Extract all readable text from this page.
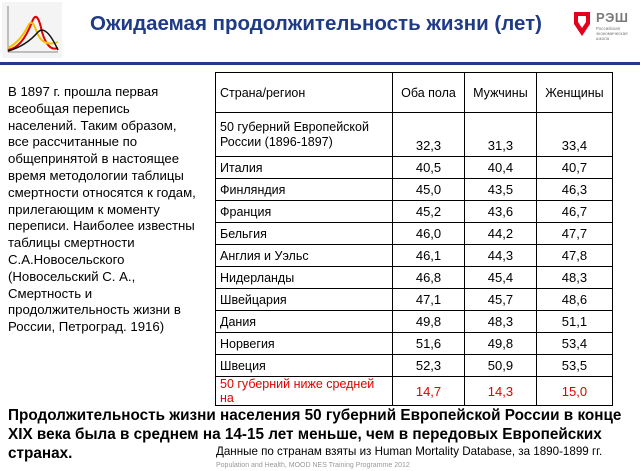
Ожидаемая продолжительность жизни (лет)	РЭШ
Российская экономическая школа

В 1897 г. прошла первая всеобщая перепись населений. Таким образом, все рассчитанные по общепринятой в настоящее время методологии таблицы смертности относятся к годам, прилегающим к моменту переписи. Наиболее известны таблицы смертности С.А.Новосельского (Новосельский С. А., Смертность и продолжительность жизни в России, Петроград. 1916)

Страна/регион	Оба пола	Мужчины	Женщины
50 губерний Европейской России (1896-1897)	32,3	31,3	33,4
Италия	40,5	40,4	40,7
Финляндия	45,0	43,5	46,3
Франция	45,2	43,6	46,7
Бельгия	46,0	44,2	47,7
Англия и Уэльс	46,1	44,3	47,8
Нидерланды	46,8	45,4	48,3
Швейцария	47,1	45,7	48,6
Дания	49,8	48,3	51,1
Норвегия	51,6	49,8	53,4
Швеция	52,3	50,9	53,5
50 губерний ниже средней на	14,7	14,3	15,0
Продолжительность жизни населения 50 губерний Европейской России в конце XIX века была в среднем на 14-15 лет меньше, чем в передовых Европейских странах.	Данные по странам взяты из Human Mortality Database, за 1890-1899 гг.
Population and Health, MOOD NES Training Programme 2012
